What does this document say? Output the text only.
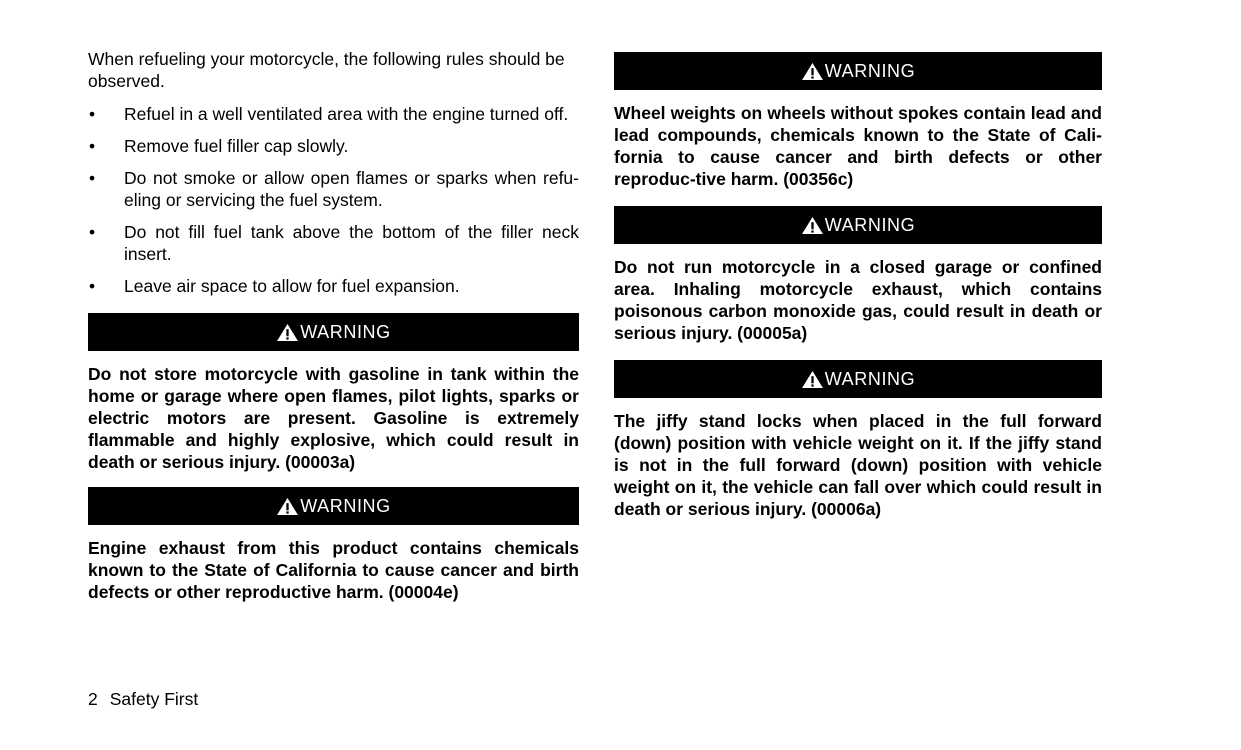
When refueling your motorcycle, the following rules should be observed.

• Refuel in a well ventilated area with the engine turned off.
• Remove fuel filler cap slowly.
• Do not smoke or allow open flames or sparks when refu-eling or servicing the fuel system.
• Do not fill fuel tank above the bottom of the filler neck insert.
• Leave air space to allow for fuel expansion.
WARNING

Do not store motorcycle with gasoline in tank within the home or garage where open flames, pilot lights, sparks or electric motors are present. Gasoline is extremely flammable and highly explosive, which could result in death or serious injury. (00003a)

WARNING

Engine exhaust from this product contains chemicals known to the State of California to cause cancer and birth defects or other reproductive harm. (00004e)

WARNING

Wheel weights on wheels without spokes contain lead and lead compounds, chemicals known to the State of Cali-fornia to cause cancer and birth defects or other reproduc-tive harm. (00356c)

WARNING

Do not run motorcycle in a closed garage or confined area. Inhaling motorcycle exhaust, which contains poisonous carbon monoxide gas, could result in death or serious injury. (00005a)

WARNING

The jiffy stand locks when placed in the full forward (down) position with vehicle weight on it. If the jiffy stand is not in the full forward (down) position with vehicle weight on it, the vehicle can fall over which could result in death or serious injury. (00006a)

2 Safety First
